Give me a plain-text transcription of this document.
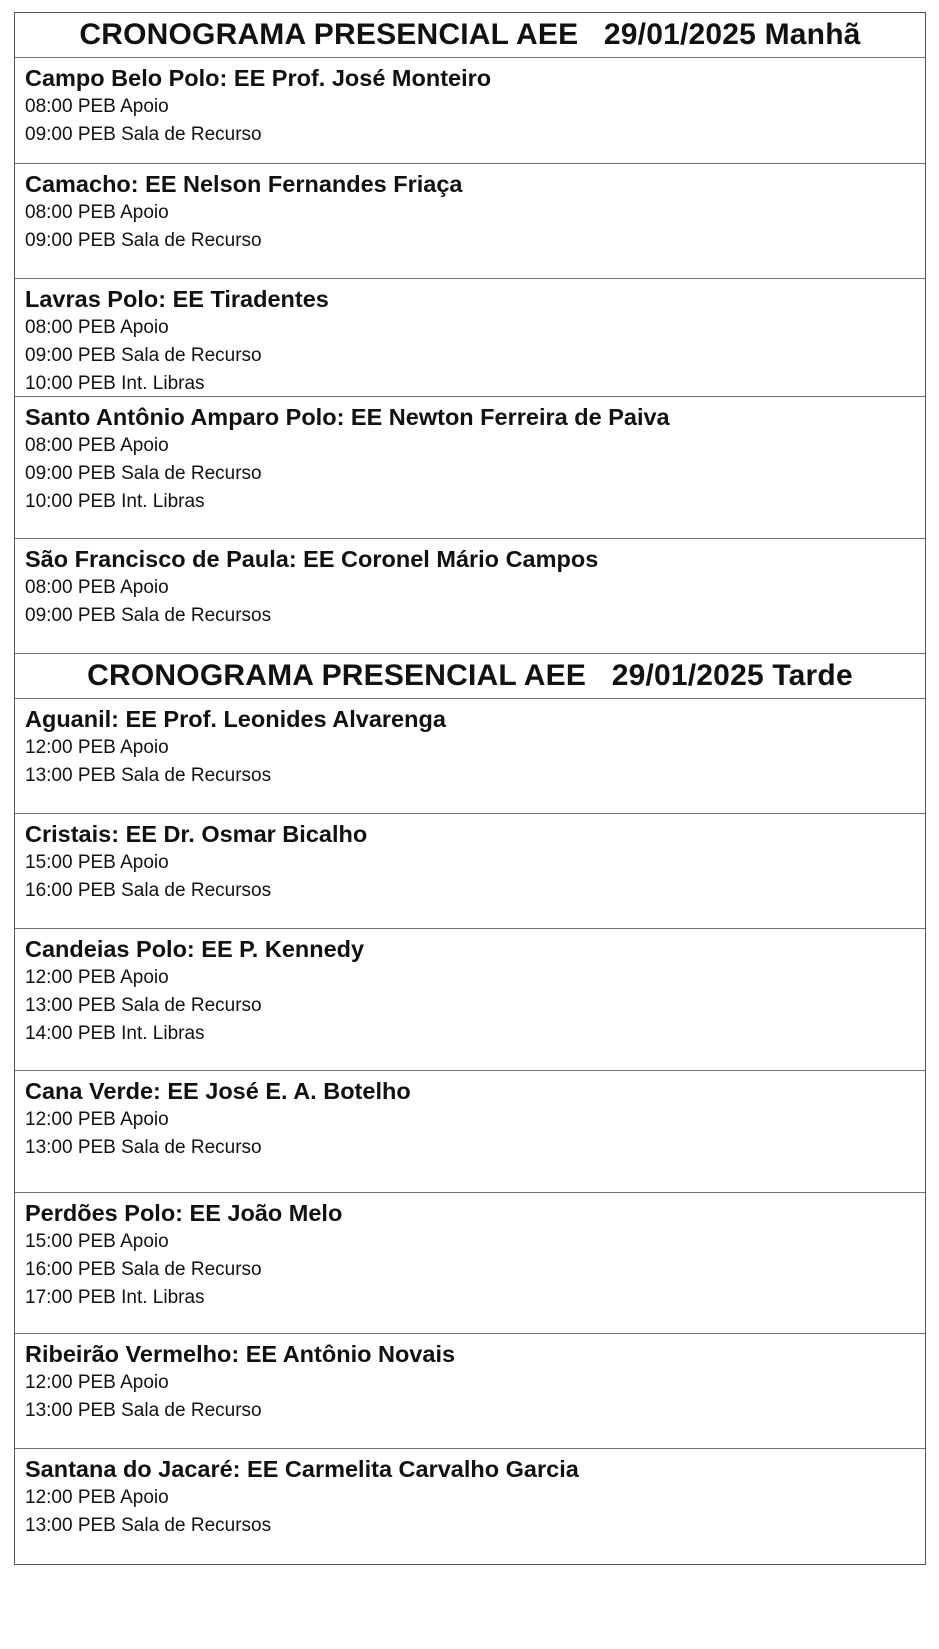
CRONOGRAMA PRESENCIAL AEE   29/01/2025 Manhã
Campo Belo Polo: EE Prof. José Monteiro
08:00 PEB Apoio
09:00 PEB Sala de Recurso
Camacho: EE Nelson Fernandes Friaça
08:00 PEB Apoio
09:00 PEB Sala de Recurso
Lavras Polo: EE Tiradentes
08:00 PEB Apoio
09:00 PEB Sala de Recurso
10:00 PEB Int. Libras
Santo Antônio Amparo Polo: EE Newton Ferreira de Paiva
08:00 PEB Apoio
09:00 PEB Sala de Recurso
10:00 PEB Int. Libras
São Francisco de Paula: EE Coronel Mário Campos
08:00 PEB Apoio
09:00 PEB Sala de Recursos
CRONOGRAMA PRESENCIAL AEE   29/01/2025 Tarde
Aguanil: EE Prof. Leonides Alvarenga
12:00 PEB Apoio
13:00 PEB Sala de Recursos
Cristais: EE Dr. Osmar Bicalho
15:00 PEB Apoio
16:00 PEB Sala de Recursos
Candeias Polo: EE P. Kennedy
12:00 PEB Apoio
13:00 PEB Sala de Recurso
14:00 PEB Int. Libras
Cana Verde: EE José E. A. Botelho
12:00 PEB Apoio
13:00 PEB Sala de Recurso
Perdões Polo: EE João Melo
15:00 PEB Apoio
16:00 PEB Sala de Recurso
17:00 PEB Int. Libras
Ribeirão Vermelho: EE Antônio Novais
12:00 PEB Apoio
13:00 PEB Sala de Recurso
Santana do Jacaré: EE Carmelita Carvalho Garcia
12:00 PEB Apoio
13:00 PEB Sala de Recursos
